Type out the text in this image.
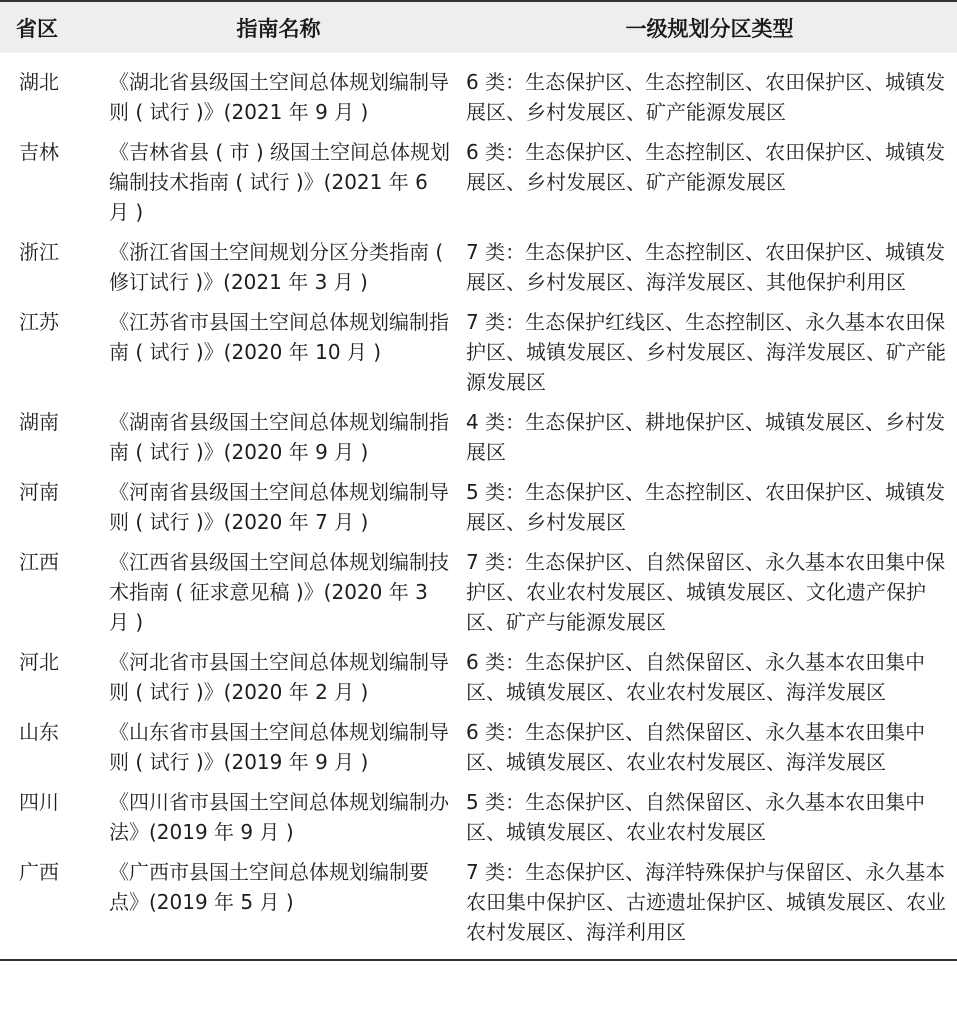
省区	指南名称	一级规划分区类型
湖北	《湖北省县级国土空间总体规划编制导则 ( 试行 )》(2021 年 9 月 )	6 类：生态保护区、生态控制区、农田保护区、城镇发展区、乡村发展区、矿产能源发展区
吉林	《吉林省县 ( 市 ) 级国土空间总体规划编制技术指南 ( 试行 )》(2021 年 6 月 )	6 类：生态保护区、生态控制区、农田保护区、城镇发展区、乡村发展区、矿产能源发展区
浙江	《浙江省国土空间规划分区分类指南 ( 修订试行 )》(2021 年 3 月 )	7 类：生态保护区、生态控制区、农田保护区、城镇发展区、乡村发展区、海洋发展区、其他保护利用区
江苏	《江苏省市县国土空间总体规划编制指南 ( 试行 )》(2020 年 10 月 )	7 类：生态保护红线区、生态控制区、永久基本农田保护区、城镇发展区、乡村发展区、海洋发展区、矿产能源发展区
湖南	《湖南省县级国土空间总体规划编制指南 ( 试行 )》(2020 年 9 月 )	4 类：生态保护区、耕地保护区、城镇发展区、乡村发展区
河南	《河南省县级国土空间总体规划编制导则 ( 试行 )》(2020 年 7 月 )	5 类：生态保护区、生态控制区、农田保护区、城镇发展区、乡村发展区
江西	《江西省县级国土空间总体规划编制技术指南 ( 征求意见稿 )》(2020 年 3 月 )	7 类：生态保护区、自然保留区、永久基本农田集中保护区、农业农村发展区、城镇发展区、文化遗产保护区、矿产与能源发展区
河北	《河北省市县国土空间总体规划编制导则 ( 试行 )》(2020 年 2 月 )	6 类：生态保护区、自然保留区、永久基本农田集中区、城镇发展区、农业农村发展区、海洋发展区
山东	《山东省市县国土空间总体规划编制导则 ( 试行 )》(2019 年 9 月 )	6 类：生态保护区、自然保留区、永久基本农田集中区、城镇发展区、农业农村发展区、海洋发展区
四川	《四川省市县国土空间总体规划编制办法》(2019 年 9 月 )	5 类：生态保护区、自然保留区、永久基本农田集中区、城镇发展区、农业农村发展区
广西	《广西市县国土空间总体规划编制要点》(2019 年 5 月 )	7 类：生态保护区、海洋特殊保护与保留区、永久基本农田集中保护区、古迹遗址保护区、城镇发展区、农业农村发展区、海洋利用区
